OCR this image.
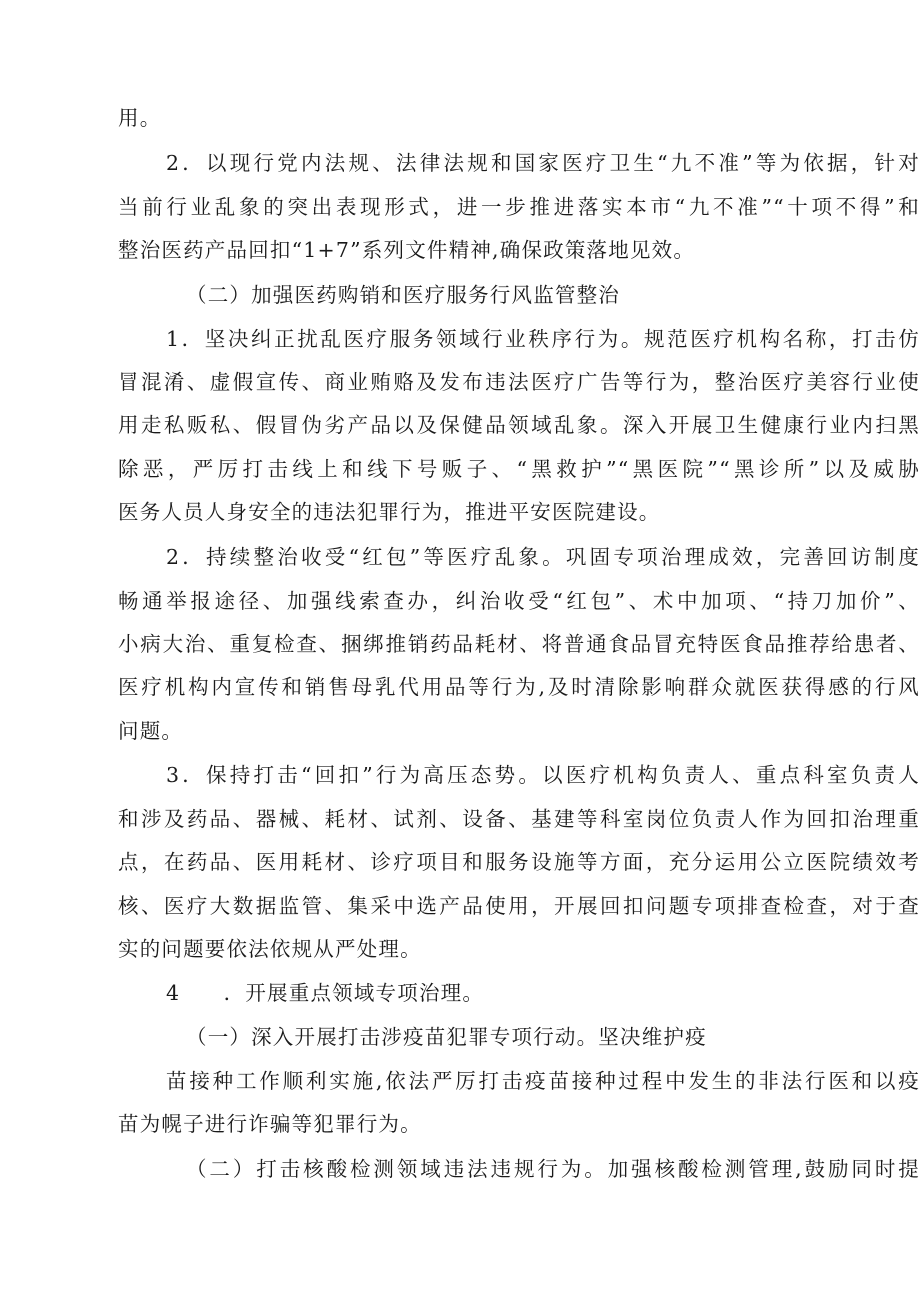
用。
2．以现行党内法规、法律法规和国家医疗卫生“九不准”等为依据，针对
当前行业乱象的突出表现形式，进一步推进落实本市“九不准”“十项不得”和
整治医药产品回扣“1+7”系列文件精神,确保政策落地见效。
（二）加强医药购销和医疗服务行风监管整治
1．坚决纠正扰乱医疗服务领域行业秩序行为。规范医疗机构名称，打击仿
冒混淆、虚假宣传、商业贿赂及发布违法医疗广告等行为，整治医疗美容行业使
用走私贩私、假冒伪劣产品以及保健品领域乱象。深入开展卫生健康行业内扫黑
除恶，严厉打击线上和线下号贩子、“黑救护”“黑医院”“黑诊所”以及威胁
医务人员人身安全的违法犯罪行为，推进平安医院建设。
2．持续整治收受“红包”等医疗乱象。巩固专项治理成效，完善回访制度
畅通举报途径、加强线索查办，纠治收受“红包”、术中加项、“持刀加价”、
小病大治、重复检查、捆绑推销药品耗材、将普通食品冒充特医食品推荐给患者、
医疗机构内宣传和销售母乳代用品等行为,及时清除影响群众就医获得感的行风
问题。
3．保持打击“回扣”行为高压态势。以医疗机构负责人、重点科室负责人
和涉及药品、器械、耗材、试剂、设备、基建等科室岗位负责人作为回扣治理重
点，在药品、医用耗材、诊疗项目和服务设施等方面，充分运用公立医院绩效考
核、医疗大数据监管、集采中选产品使用，开展回扣问题专项排查检查，对于查
实的问题要依法依规从严处理。
4　　．开展重点领域专项治理。
（一）深入开展打击涉疫苗犯罪专项行动。坚决维护疫
苗接种工作顺利实施,依法严厉打击疫苗接种过程中发生的非法行医和以疫
苗为幌子进行诈骗等犯罪行为。
（二）打击核酸检测领域违法违规行为。加强核酸检测管理,鼓励同时提
